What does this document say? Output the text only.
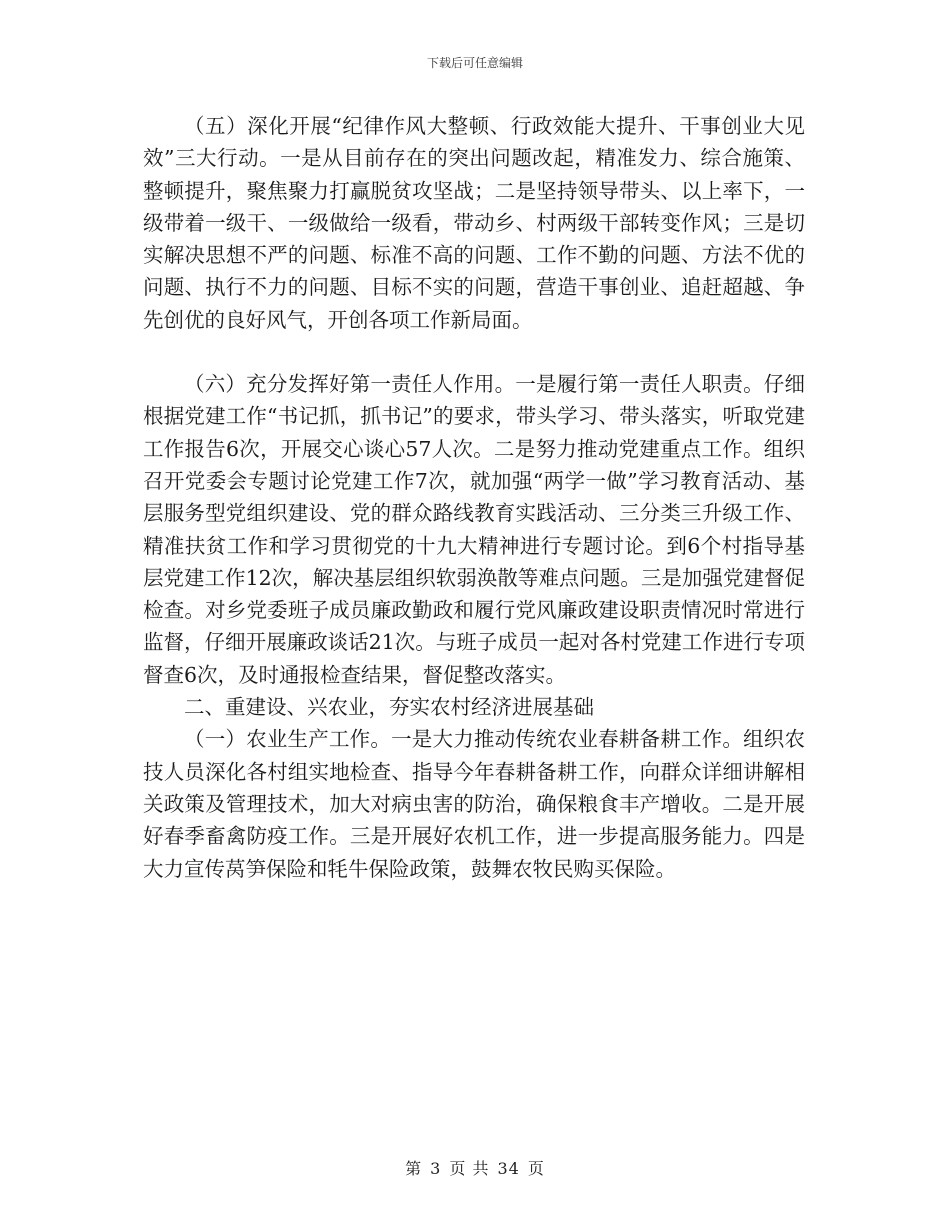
下载后可任意编辑

（五）深化开展“纪律作风大整顿、行政效能大提升、干事创业大见效”三大行动。一是从目前存在的突出问题改起，精准发力、综合施策、整顿提升，聚焦聚力打赢脱贫攻坚战；二是坚持领导带头、以上率下，一级带着一级干、一级做给一级看，带动乡、村两级干部转变作风；三是切实解决思想不严的问题、标准不高的问题、工作不勤的问题、方法不优的问题、执行不力的问题、目标不实的问题，营造干事创业、追赶超越、争先创优的良好风气，开创各项工作新局面。

（六）充分发挥好第一责任人作用。一是履行第一责任人职责。仔细根据党建工作“书记抓，抓书记”的要求，带头学习、带头落实，听取党建工作报告6次，开展交心谈心57人次。二是努力推动党建重点工作。组织召开党委会专题讨论党建工作7次，就加强“两学一做”学习教育活动、基层服务型党组织建设、党的群众路线教育实践活动、三分类三升级工作、精准扶贫工作和学习贯彻党的十九大精神进行专题讨论。到6个村指导基层党建工作12次，解决基层组织软弱涣散等难点问题。三是加强党建督促检查。对乡党委班子成员廉政勤政和履行党风廉政建设职责情况时常进行监督，仔细开展廉政谈话21次。与班子成员一起对各村党建工作进行专项督查6次，及时通报检查结果，督促整改落实。

二、重建设、兴农业，夯实农村经济进展基础

（一）农业生产工作。一是大力推动传统农业春耕备耕工作。组织农技人员深化各村组实地检查、指导今年春耕备耕工作，向群众详细讲解相关政策及管理技术，加大对病虫害的防治，确保粮食丰产增收。二是开展好春季畜禽防疫工作。三是开展好农机工作，进一步提高服务能力。四是大力宣传莴笋保险和牦牛保险政策，鼓舞农牧民购买保险。

第 3 页 共 34 页
